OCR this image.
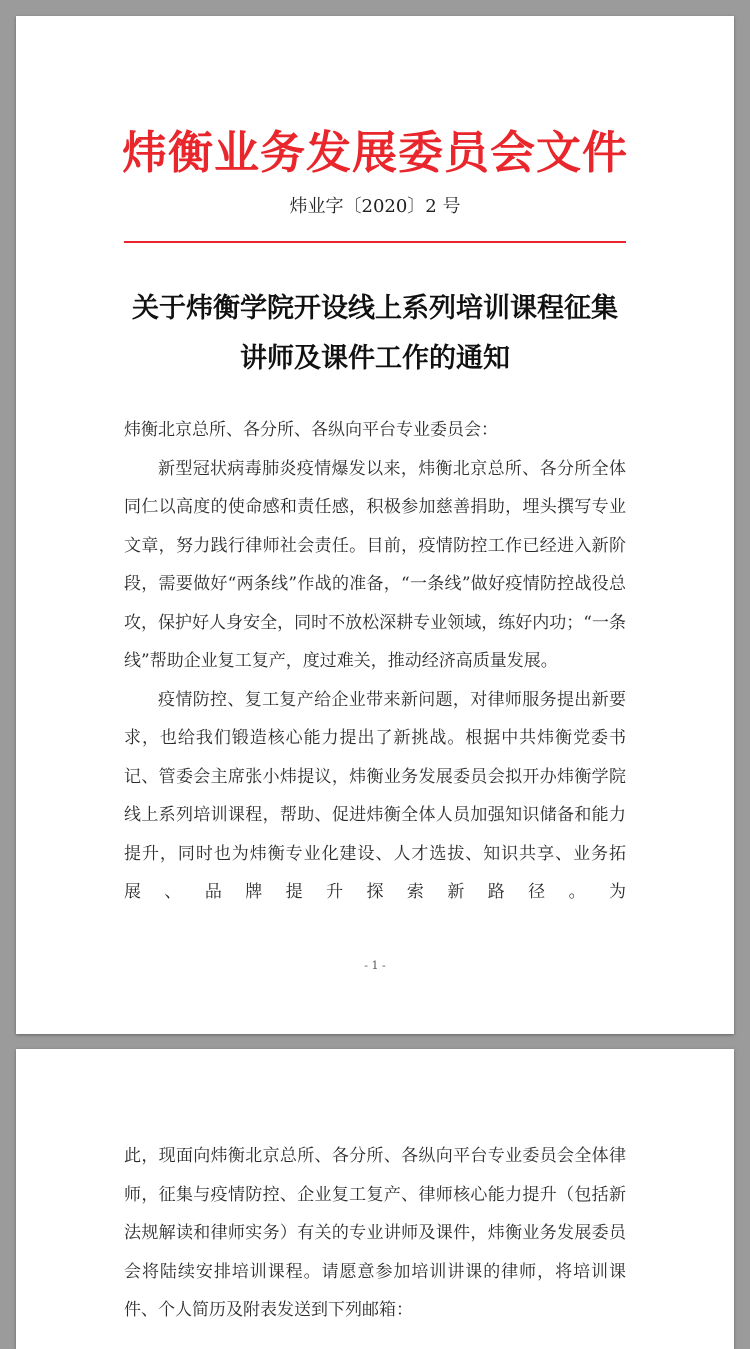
炜衡业务发展委员会文件
炜业字〔2020〕2 号
关于炜衡学院开设线上系列培训课程征集
讲师及课件工作的通知

炜衡北京总所、各分所、各纵向平台专业委员会：

新型冠状病毒肺炎疫情爆发以来，炜衡北京总所、各分所全体同仁以高度的使命感和责任感，积极参加慈善捐助，埋头撰写专业文章，努力践行律师社会责任。目前，疫情防控工作已经进入新阶段，需要做好“两条线”作战的准备，“一条线”做好疫情防控战役总攻，保护好人身安全，同时不放松深耕专业领域，练好内功；“一条线”帮助企业复工复产，度过难关，推动经济高质量发展。

疫情防控、复工复产给企业带来新问题，对律师服务提出新要求，也给我们锻造核心能力提出了新挑战。根据中共炜衡党委书记、管委会主席张小炜提议，炜衡业务发展委员会拟开办炜衡学院线上系列培训课程，帮助、促进炜衡全体人员加强知识储备和能力提升，同时也为炜衡专业化建设、人才选拔、知识共享、业务拓展、品牌提升探索新路径。为

- 1 -

此，现面向炜衡北京总所、各分所、各纵向平台专业委员会全体律师，征集与疫情防控、企业复工复产、律师核心能力提升（包括新法规解读和律师实务）有关的专业讲师及课件，炜衡业务发展委员会将陆续安排培训课程。请愿意参加培训讲课的律师，将培训课件、个人简历及附表发送到下列邮箱：
